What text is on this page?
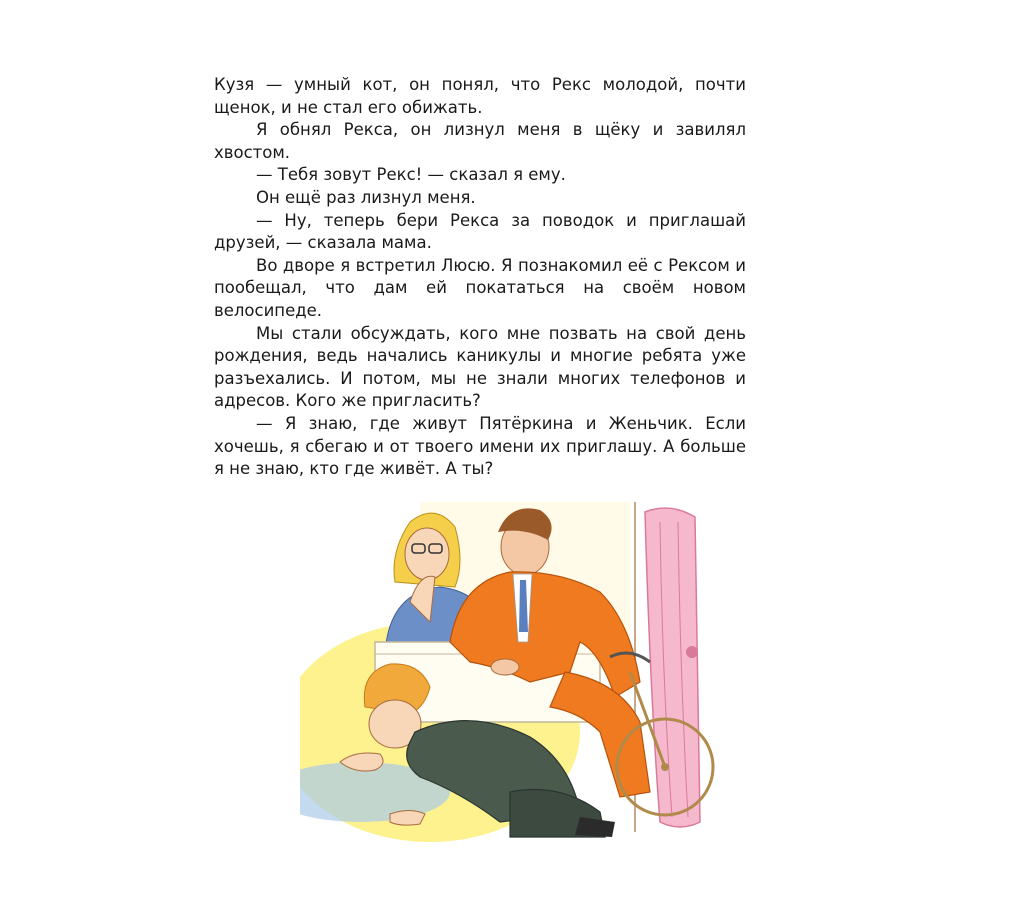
Кузя — умный кот, он понял, что Рекс молодой, почти щенок, и не стал его обижать.

Я обнял Рекса, он лизнул меня в щёку и завилял хвостом.

— Тебя зовут Рекс! — сказал я ему.

Он ещё раз лизнул меня.

— Ну, теперь бери Рекса за поводок и приглашай друзей, — сказала мама.

Во дворе я встретил Люсю. Я познакомил её с Рексом и пообещал, что дам ей покататься на своём новом велосипеде.

Мы стали обсуждать, кого мне позвать на свой день рождения, ведь начались каникулы и многие ребята уже разъехались. И потом, мы не знали многих телефонов и адресов. Кого же пригласить?

— Я знаю, где живут Пятёркина и Женьчик. Если хочешь, я сбегаю и от твоего имени их приглашу. А больше я не знаю, кто где живёт. А ты?
